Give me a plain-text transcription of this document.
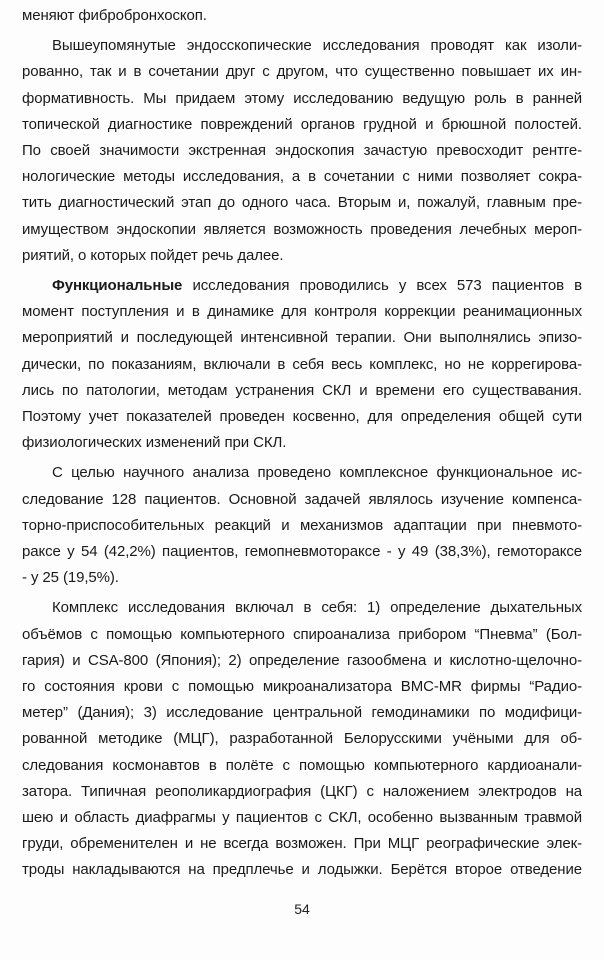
меняют фибробронхоскоп.
Вышеупомянутые эндосскопические исследования проводят как изоли-
рованно, так и в сочетании друг с другом, что существенно повышает их ин-
формативность. Мы придаем этому исследованию ведущую роль в ранней
топической диагностике повреждений органов грудной и брюшной полостей.
По своей значимости экстренная эндоскопия зачастую превосходит рентге-
нологические методы исследования, а в сочетании с ними позволяет сокра-
тить диагностический этап до одного часа. Вторым и, пожалуй, главным пре-
имуществом эндоскопии является возможность проведения лечебных мероп-
риятий, о которых пойдет речь далее.
Функциональные исследования проводились у всех 573 пациентов в
момент поступления и в динамике для контроля коррекции реанимационных
мероприятий и последующей интенсивной терапии. Они выполнялись эпизо-
дически, по показаниям, включали в себя весь комплекс, но не коррегирова-
лись по патологии, методам устранения СКЛ и времени его существавания.
Поэтому учет показателей проведен косвенно, для определения общей сути
физиологических изменений при СКЛ.
С целью научного анализа проведено комплексное функциональное ис-
следование 128 пациентов. Основной задачей являлось изучение компенса-
торно-приспособительных реакций и механизмов адаптации при пневмото-
раксе у 54 (42,2%) пациентов, гемопневмотораксе - у 49 (38,3%), гемотораксе
- у 25 (19,5%).
Комплекс исследования включал в себя: 1) определение дыхательных
объёмов с помощью компьютерного спироанализа прибором “Пневма” (Бол-
гария) и CSA-800 (Япония); 2) определение газообмена и кислотно-щелочно-
го состояния крови с помощью микроанализатора ВМС-MR фирмы “Радио-
метер” (Дания); 3) исследование центральной гемодинамики по модифици-
рованной методике (МЦГ), разработанной Белорусскими учёными для об-
следования космонавтов в полёте с помощью компьютерного кардиоанали-
затора. Типичная реополикардиография (ЦКГ) с наложением электродов на
шею и область диафрагмы у пациентов с СКЛ, особенно вызванным травмой
груди, обременителен и не всегда возможен. При МЦГ реографические элек-
троды накладываются на предплечье и лодыжки. Берётся второе отведение
54
